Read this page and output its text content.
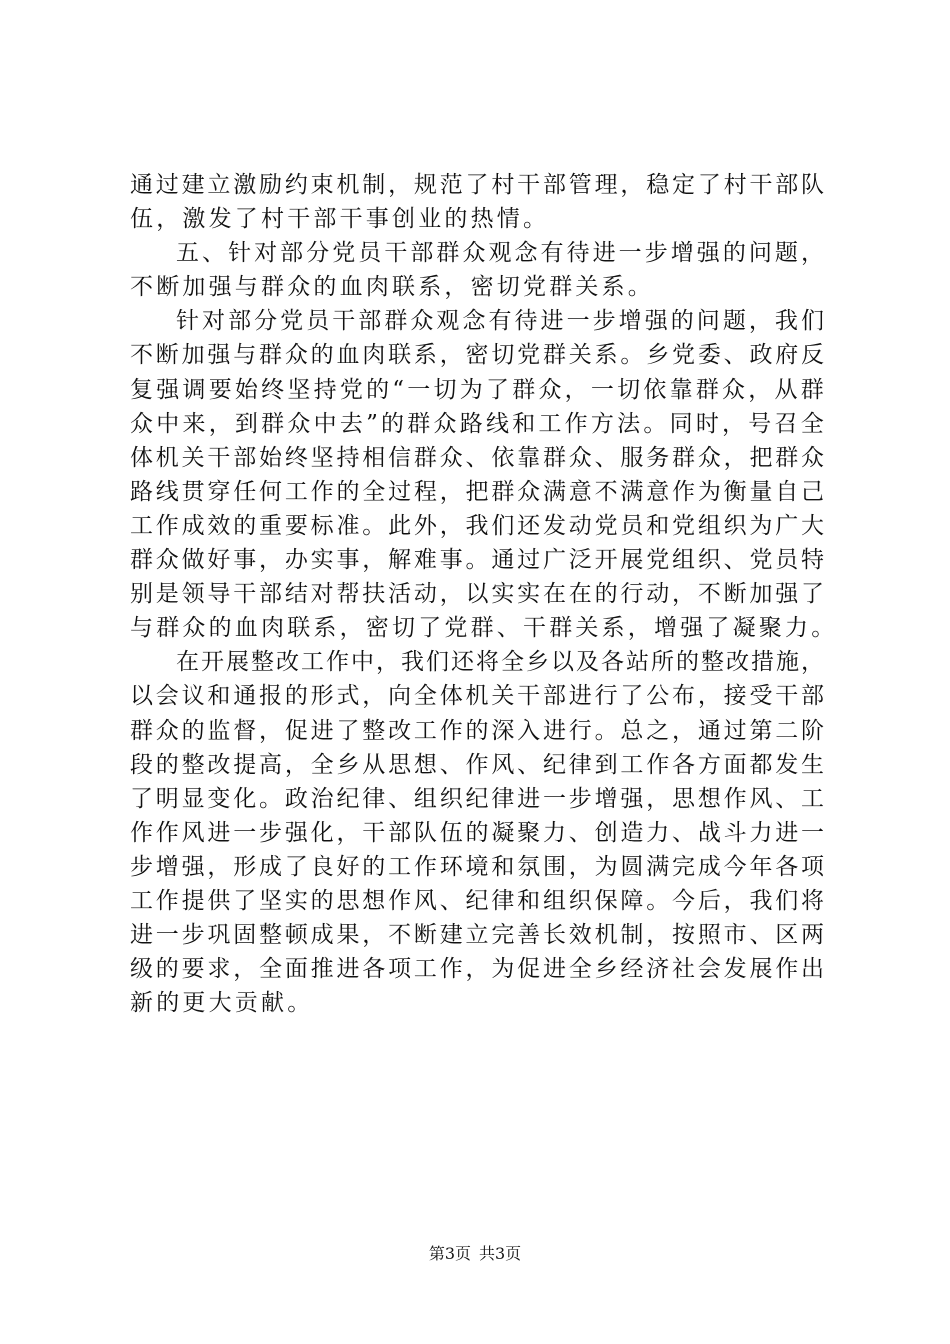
通过建立激励约束机制，规范了村干部管理，稳定了村干部队
伍，激发了村干部干事创业的热情。
五、针对部分党员干部群众观念有待进一步增强的问题，
不断加强与群众的血肉联系，密切党群关系。
针对部分党员干部群众观念有待进一步增强的问题，我们
不断加强与群众的血肉联系，密切党群关系。乡党委、政府反
复强调要始终坚持党的“一切为了群众，一切依靠群众，从群
众中来，到群众中去”的群众路线和工作方法。同时，号召全
体机关干部始终坚持相信群众、依靠群众、服务群众，把群众
路线贯穿任何工作的全过程，把群众满意不满意作为衡量自己
工作成效的重要标准。此外，我们还发动党员和党组织为广大
群众做好事，办实事，解难事。通过广泛开展党组织、党员特
别是领导干部结对帮扶活动，以实实在在的行动，不断加强了
与群众的血肉联系，密切了党群、干群关系，增强了凝聚力。
在开展整改工作中，我们还将全乡以及各站所的整改措施，
以会议和通报的形式，向全体机关干部进行了公布，接受干部
群众的监督，促进了整改工作的深入进行。总之，通过第二阶
段的整改提高，全乡从思想、作风、纪律到工作各方面都发生
了明显变化。政治纪律、组织纪律进一步增强，思想作风、工
作作风进一步强化，干部队伍的凝聚力、创造力、战斗力进一
步增强，形成了良好的工作环境和氛围，为圆满完成今年各项
工作提供了坚实的思想作风、纪律和组织保障。今后，我们将
进一步巩固整顿成果，不断建立完善长效机制，按照市、区两
级的要求，全面推进各项工作，为促进全乡经济社会发展作出
新的更大贡献。
第3页 共3页
